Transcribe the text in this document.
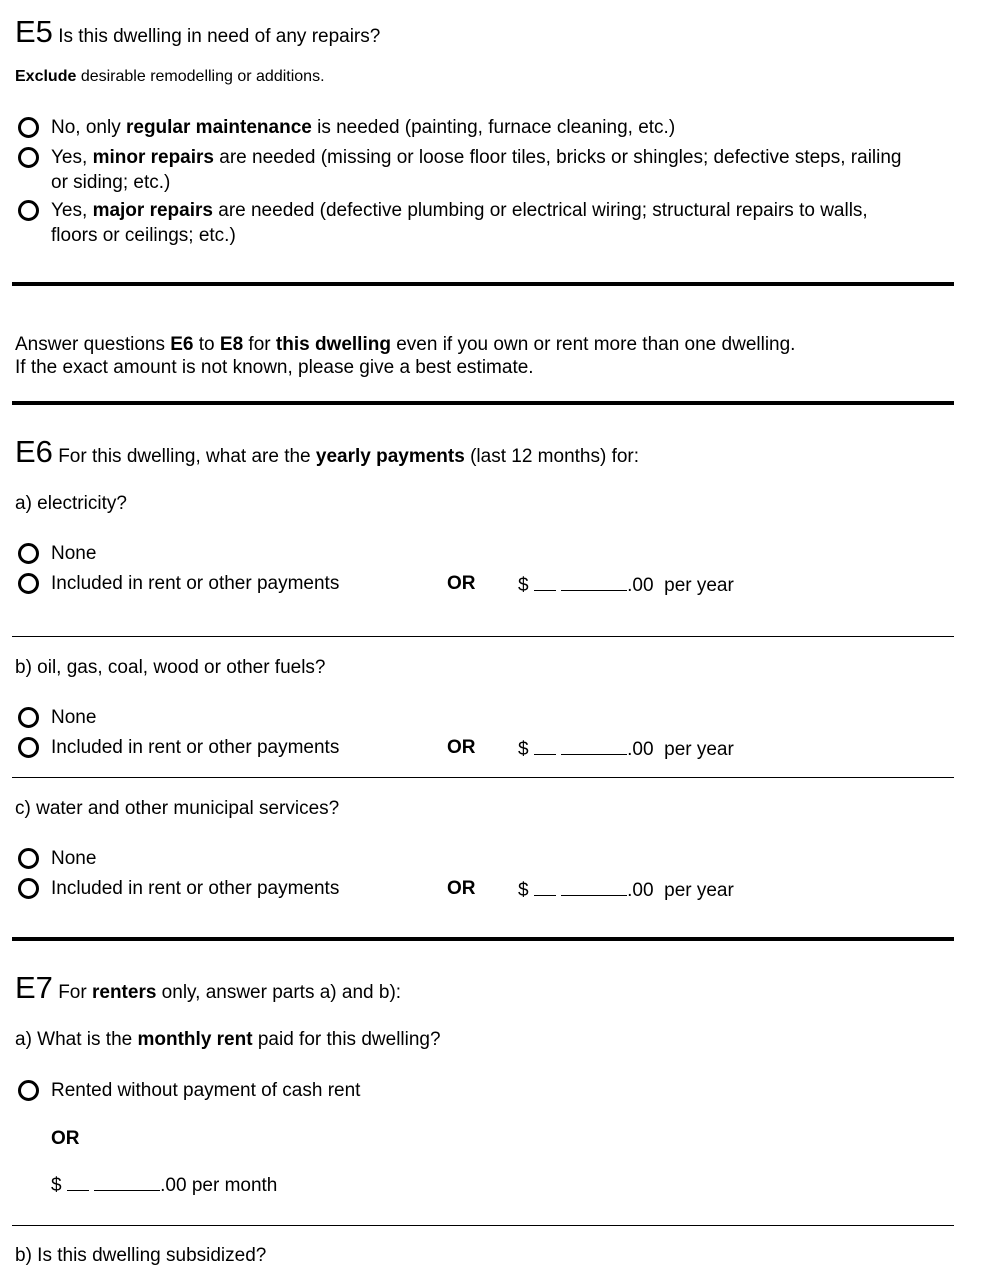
E5 Is this dwelling in need of any repairs?
Exclude desirable remodelling or additions.
No, only regular maintenance is needed (painting, furnace cleaning, etc.)
Yes, minor repairs are needed (missing or loose floor tiles, bricks or shingles; defective steps, railing
or siding; etc.)
Yes, major repairs are needed (defective plumbing or electrical wiring; structural repairs to walls,
floors or ceilings; etc.)
Answer questions E6 to E8 for this dwelling even if you own or rent more than one dwelling.
If the exact amount is not known, please give a best estimate.
E6 For this dwelling, what are the yearly payments (last 12 months) for:
a) electricity?
None
Included in rent or other payments	OR $	.00 per year
b) oil, gas, coal, wood or other fuels?
None
Included in rent or other payments	OR $	.00 per year
c) water and other municipal services?
None
Included in rent or other payments	OR $	.00 per year
E7 For renters only, answer parts a) and b):
a) What is the monthly rent paid for this dwelling?
Rented without payment of cash rent
OR
$	.00 per month
b) Is this dwelling subsidized?
